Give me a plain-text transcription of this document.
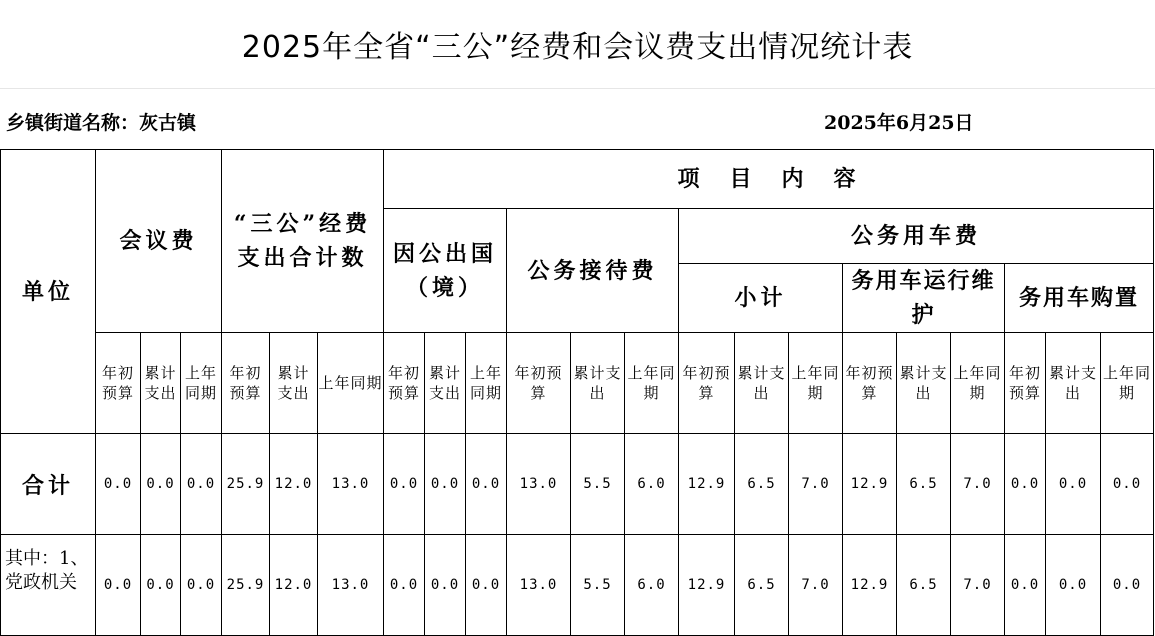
2025年全省“三公”经费和会议费支出情况统计表
乡镇街道名称：灰古镇	2025年6月25日
单位	会议费			“三公”经费支出合计数			项　目　内　容														
							因公出国（境）			公务接待费			公务用车费								
													小计			务用车运行维护			务用车购置		
	年初预算	累计支出	上年同期	年初预算	累计支出	上年同期	年初预算	累计支出	上年同期	年初预算	累计支出	上年同期	年初预算	累计支出	上年同期	年初预算	累计支出	上年同期	年初预算	累计支出	上年同期
合计	0.0	0.0	0.0	25.9	12.0	13.0	0.0	0.0	0.0	13.0	5.5	6.0	12.9	6.5	7.0	12.9	6.5	7.0	0.0	0.0	0.0
其中：1、党政机关	0.0	0.0	0.0	25.9	12.0	13.0	0.0	0.0	0.0	13.0	5.5	6.0	12.9	6.5	7.0	12.9	6.5	7.0	0.0	0.0	0.0
